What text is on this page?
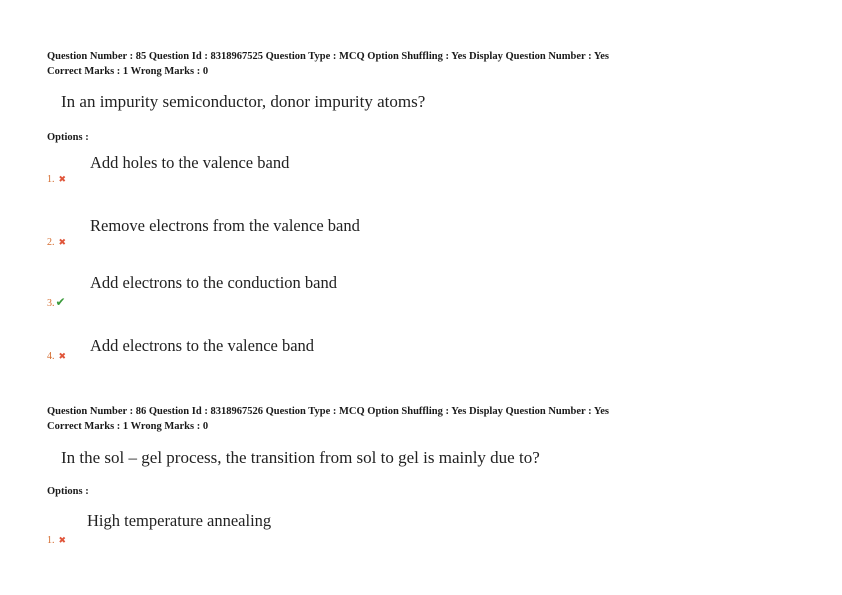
Question Number : 85 Question Id : 8318967525 Question Type : MCQ Option Shuffling : Yes Display Question Number : Yes
Correct Marks : 1 Wrong Marks : 0
In an impurity semiconductor, donor impurity atoms?
Options :
Add holes to the valence band
1. ✖
Remove electrons from the valence band
2. ✖
Add electrons to the conduction band
3.✔
Add electrons to the valence band
4. ✖
Question Number : 86 Question Id : 8318967526 Question Type : MCQ Option Shuffling : Yes Display Question Number : Yes
Correct Marks : 1 Wrong Marks : 0
In the sol – gel process, the transition from sol to gel is mainly due to?
Options :
High temperature annealing
1. ✖
